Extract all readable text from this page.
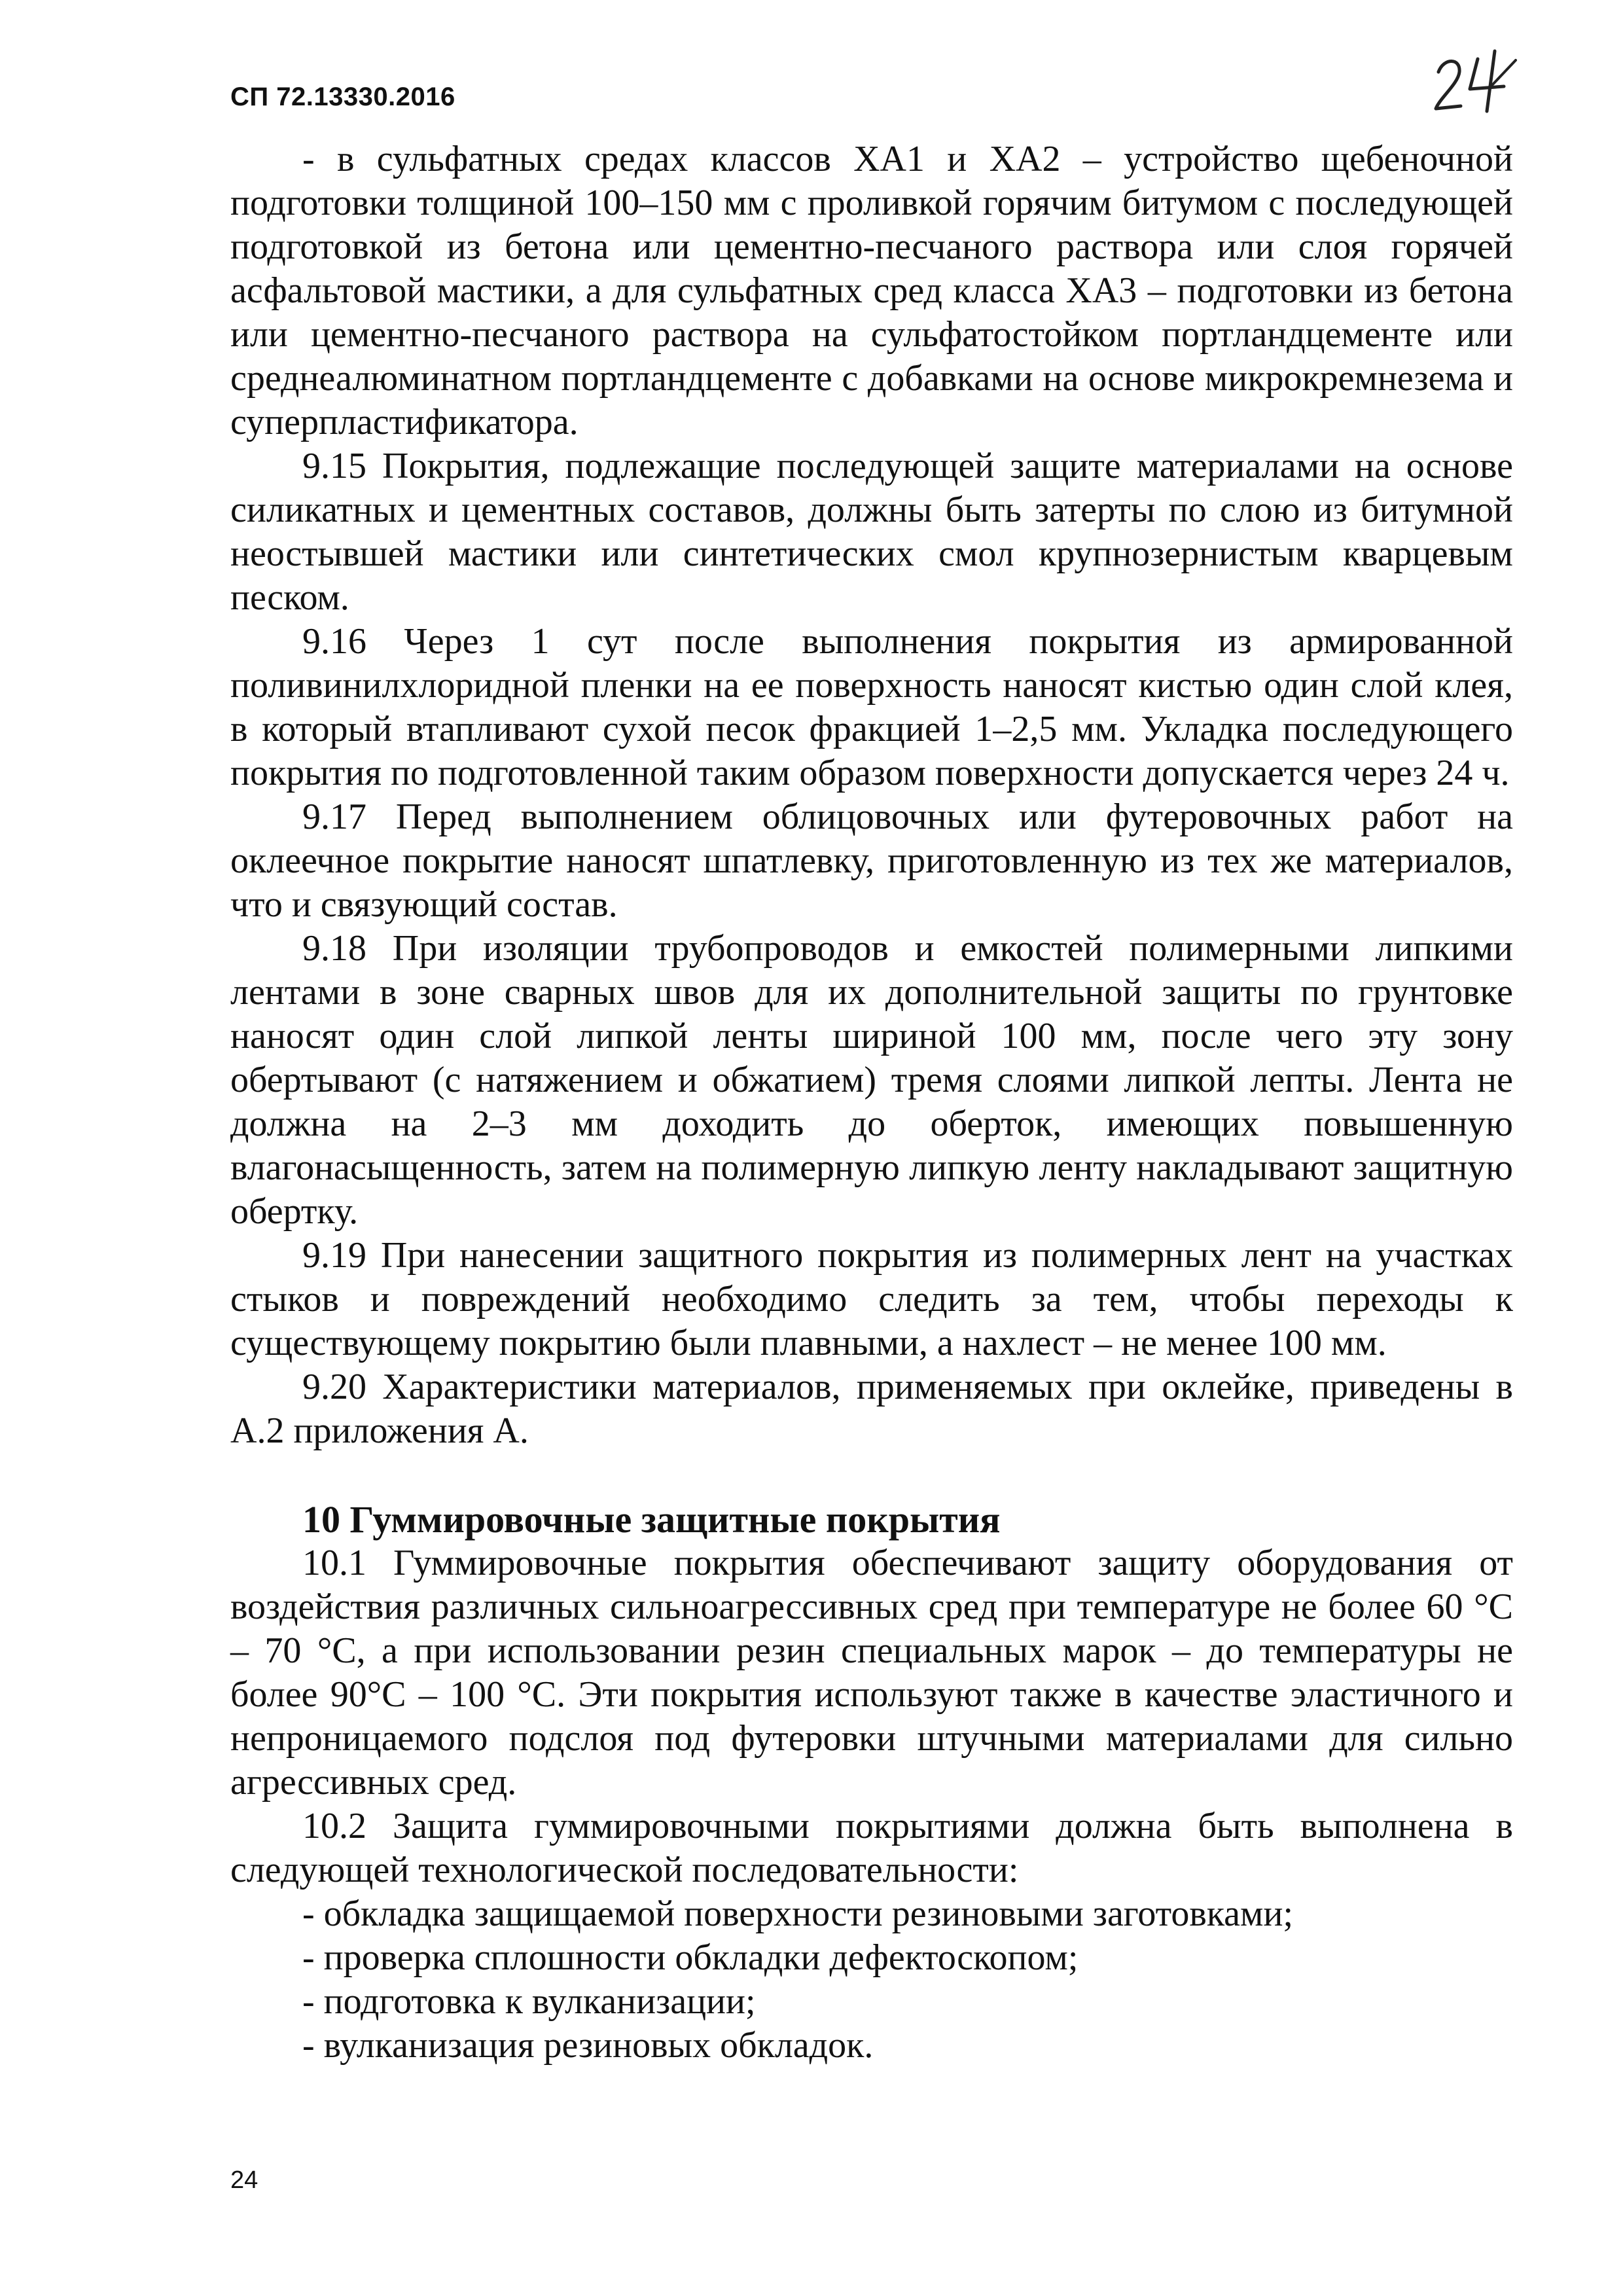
СП 72.13330.2016

- в сульфатных средах классов ХА1 и ХА2 – устройство щебеночной подготовки толщиной 100–150 мм с проливкой горячим битумом с последующей подготовкой из бетона или цементно-песчаного раствора или слоя горячей асфальтовой мастики, а для сульфатных сред класса ХА3 – подготовки из бетона или цементно-песчаного раствора на сульфатостойком портландцементе или среднеалюминатном портландцементе с добавками на основе микрокремнезема и суперпластификатора.

9.15 Покрытия, подлежащие последующей защите материалами на основе силикатных и цементных составов, должны быть затерты по слою из битумной неостывшей мастики или синтетических смол крупнозернистым кварцевым песком.

9.16 Через 1 сут после выполнения покрытия из армированной поливинилхлоридной пленки на ее поверхность наносят кистью один слой клея, в который втапливают сухой песок фракцией 1–2,5 мм. Укладка последующего покрытия по подготовленной таким образом поверхности допускается через 24 ч.

9.17 Перед выполнением облицовочных или футеровочных работ на оклеечное покрытие наносят шпатлевку, приготовленную из тех же материалов, что и связующий состав.

9.18 При изоляции трубопроводов и емкостей полимерными липкими лентами в зоне сварных швов для их дополнительной защиты по грунтовке наносят один слой липкой ленты шириной 100 мм, после чего эту зону обертывают (с натяжением и обжатием) тремя слоями липкой лепты. Лента не должна на 2–3 мм доходить до оберток, имеющих повышенную влагонасыщенность, затем на полимерную липкую ленту накладывают защитную обертку.

9.19 При нанесении защитного покрытия из полимерных лент на участках стыков и повреждений необходимо следить за тем, чтобы переходы к существующему покрытию были плавными, а нахлест – не менее 100 мм.

9.20 Характеристики материалов, применяемых при оклейке, приведены в А.2 приложения А.

10 Гуммировочные защитные покрытия

10.1 Гуммировочные покрытия обеспечивают защиту оборудования от воздействия различных сильноагрессивных сред при температуре не более 60 °С – 70 °С, а при использовании резин специальных марок – до температуры не более 90°С – 100 °С. Эти покрытия используют также в качестве эластичного и непроницаемого подслоя под футеровки штучными материалами для сильно агрессивных сред.

10.2 Защита гуммировочными покрытиями должна быть выполнена в следующей технологической последовательности:

- обкладка защищаемой поверхности резиновыми заготовками;

- проверка сплошности обкладки дефектоскопом;

- подготовка к вулканизации;

- вулканизация резиновых обкладок.

24
